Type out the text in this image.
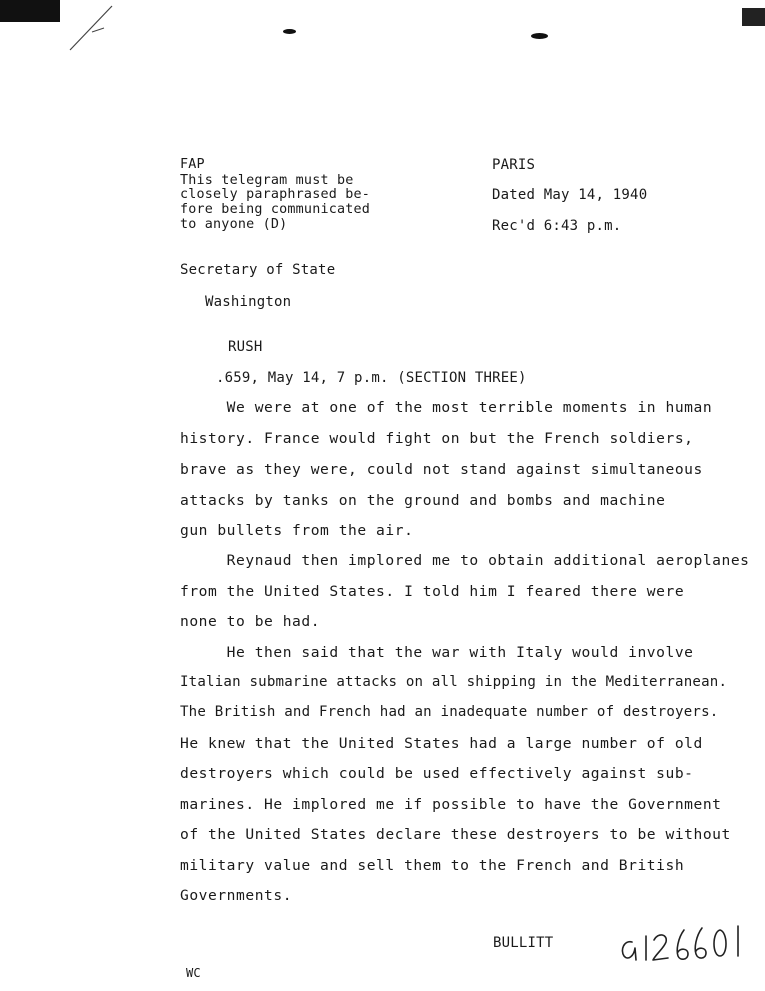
FAP
This telegram must be
closely paraphrased be-
fore being communicated
to anyone (D)
PARIS
Dated May 14, 1940
Rec'd 6:43 p.m.
Secretary of State
Washington
RUSH
.659, May 14, 7 p.m. (SECTION THREE)
We were at one of the most terrible moments in human
history. France would fight on but the French soldiers,
brave as they were, could not stand against simultaneous
attacks by tanks on the ground and bombs and machine
gun bullets from the air.
Reynaud then implored me to obtain additional aeroplanes
from the United States. I told him I feared there were
none to be had.
He then said that the war with Italy would involve
Italian submarine attacks on all shipping in the Mediterranean.
The British and French had an inadequate number of destroyers.
He knew that the United States had a large number of old
destroyers which could be used effectively against sub-
marines. He implored me if possible to have the Government
of the United States declare these destroyers to be without
military value and sell them to the French and British
Governments.
BULLITT
WC
